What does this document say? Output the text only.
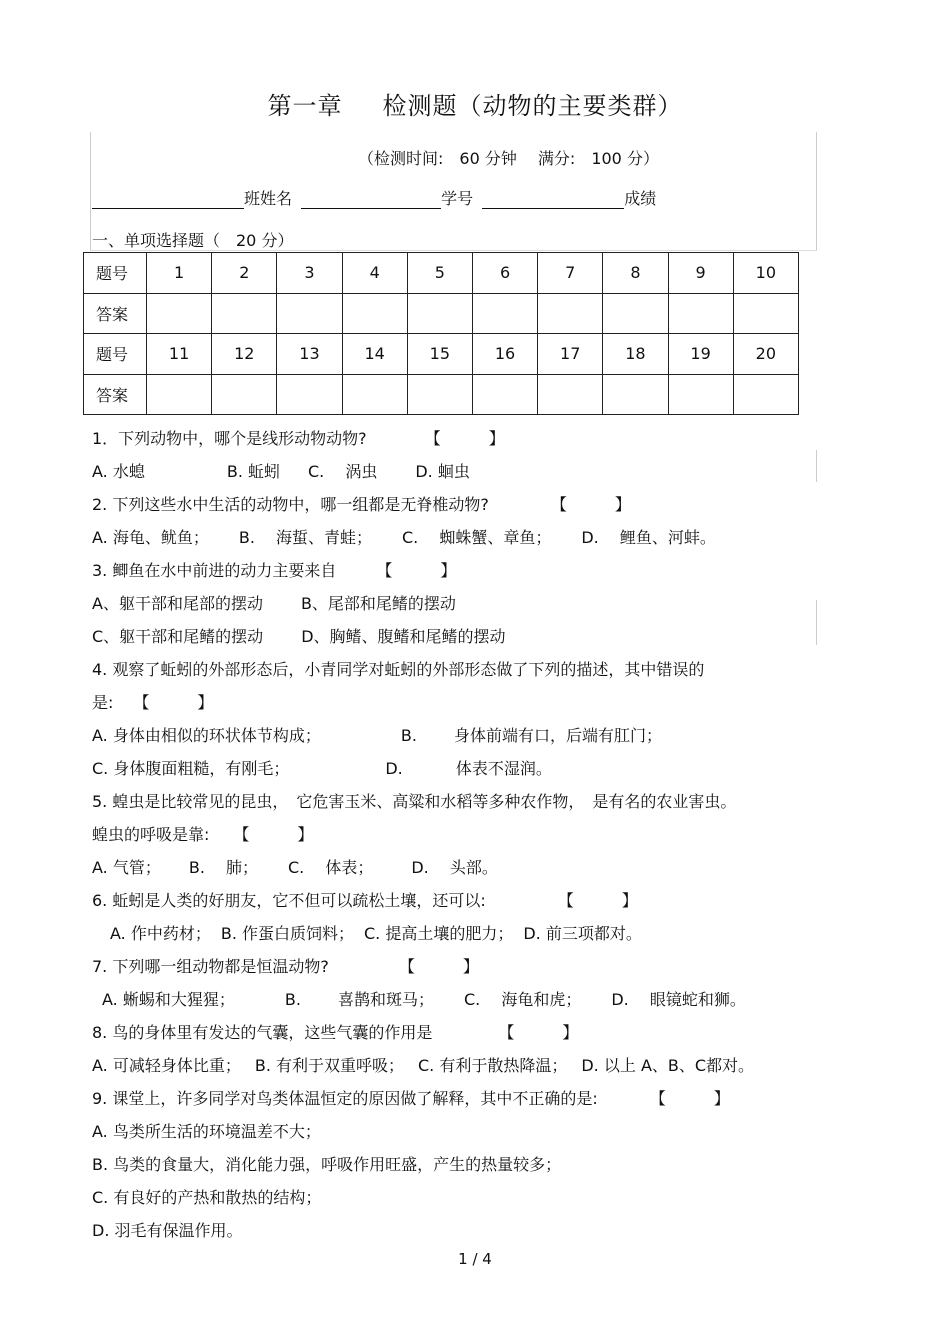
第一章 检测题（动物的主要类群）
（检测时间:　60 分钟　 满分:　100 分）
班姓名	学号	成绩
一、单项选择题（　20 分）
题号	1	2	3	4	5	6	7	8	9	10
答案										
题号	11	12	13	14	15	16	17	18	19	20
答案										
1．下列动物中，哪个是线形动物动物?	【　　　】
A. 水螅	B. 蚯蚓 C. 　涡虫 D. 蛔虫
2. 下列这些水中生活的动物中，哪一组都是无脊椎动物?	【　　　】
A. 海龟、鱿鱼； B. 　海蜇、青蛙； C. 　蜘蛛蟹、章鱼； D. 　鲤鱼、河蚌。
3. 鲫鱼在水中前进的动力主要来自	【　　　】
A、躯干部和尾部的摆动 B、尾部和尾鳍的摆动
C、躯干部和尾鳍的摆动 D、胸鳍、腹鳍和尾鳍的摆动
4. 观察了蚯蚓的外部形态后，小青同学对蚯蚓的外部形态做了下列的描述，其中错误的
是: 【　　　】
A. 身体由相似的环状体节构成；	B. 　　身体前端有口，后端有肛门；
C. 身体腹面粗糙，有刚毛；	D. 　　　体表不湿润。
5. 蝗虫是比较常见的昆虫，　它危害玉米、高粱和水稻等多种农作物，　是有名的农业害虫。
蝗虫的呼吸是靠: 【　　　】
A. 气管； B. 　肺； C. 　体表； D. 　头部。
6. 蚯蚓是人类的好朋友，它不但可以疏松土壤，还可以:	【　　　】
A. 作中药材； B. 作蛋白质饲料； C. 提高土壤的肥力； D. 前三项都对。
7. 下列哪一组动物都是恒温动物?	【　　　】
A. 蜥蜴和大猩猩；	B. 　　喜鹊和斑马； C. 　海龟和虎； D. 　眼镜蛇和狮。
8. 鸟的身体里有发达的气囊，这些气囊的作用是	【　　　】
A. 可减轻身体比重； B. 有利于双重呼吸； C. 有利于散热降温； D. 以上 A、B、C都对。
9. 课堂上，许多同学对鸟类体温恒定的原因做了解释，其中不正确的是:	【　　　】
A. 鸟类所生活的环境温差不大；
B. 鸟类的食量大，消化能力强，呼吸作用旺盛，产生的热量较多；
C. 有良好的产热和散热的结构；
D. 羽毛有保温作用。
1 / 4
